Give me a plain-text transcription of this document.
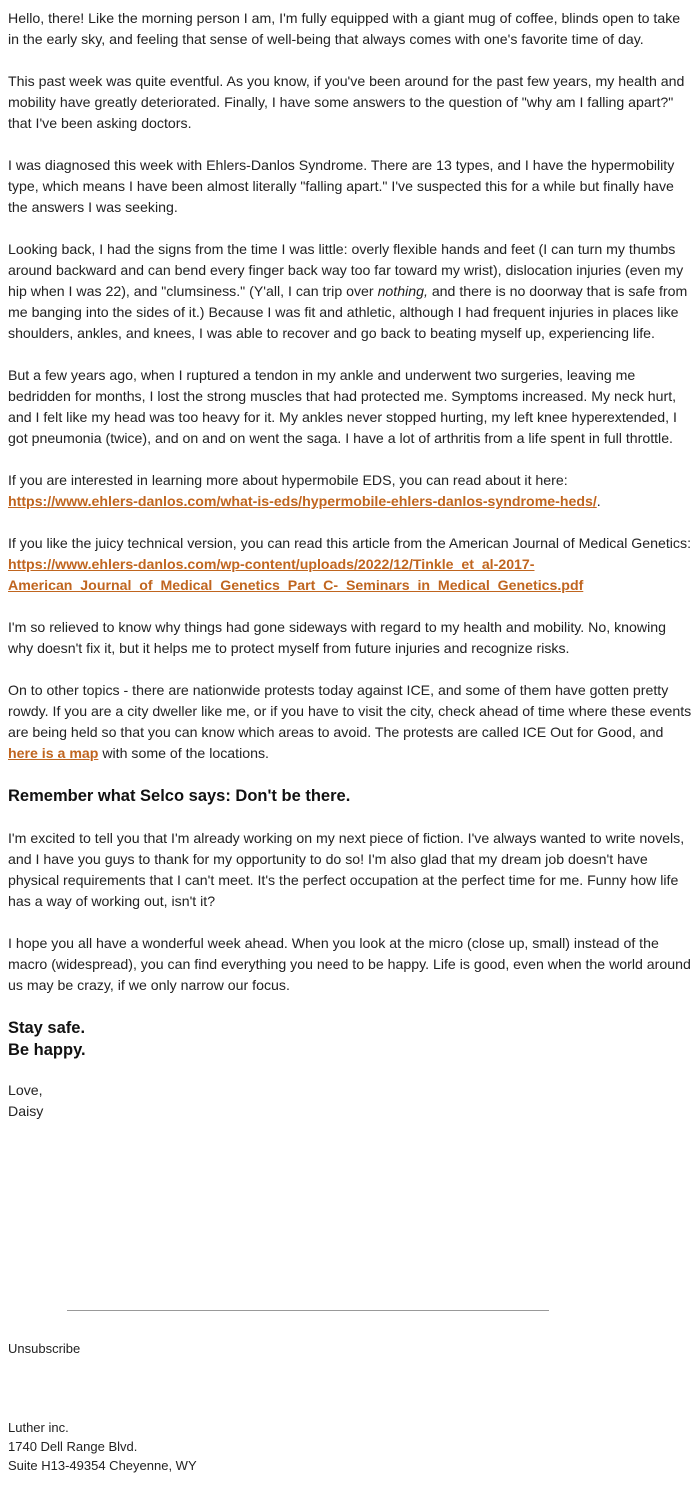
Hello, there! Like the morning person I am, I'm fully equipped with a giant mug of coffee, blinds open to take in the early sky, and feeling that sense of well-being that always comes with one's favorite time of day.

This past week was quite eventful. As you know, if you've been around for the past few years, my health and mobility have greatly deteriorated. Finally, I have some answers to the question of "why am I falling apart?" that I've been asking doctors.

I was diagnosed this week with Ehlers-Danlos Syndrome. There are 13 types, and I have the hypermobility type, which means I have been almost literally "falling apart." I've suspected this for a while but finally have the answers I was seeking.

Looking back, I had the signs from the time I was little: overly flexible hands and feet (I can turn my thumbs around backward and can bend every finger back way too far toward my wrist), dislocation injuries (even my hip when I was 22), and "clumsiness." (Y'all, I can trip over nothing, and there is no doorway that is safe from me banging into the sides of it.) Because I was fit and athletic, although I had frequent injuries in places like shoulders, ankles, and knees, I was able to recover and go back to beating myself up, experiencing life.

But a few years ago, when I ruptured a tendon in my ankle and underwent two surgeries, leaving me bedridden for months, I lost the strong muscles that had protected me. Symptoms increased. My neck hurt, and I felt like my head was too heavy for it. My ankles never stopped hurting, my left knee hyperextended, I got pneumonia (twice), and on and on went the saga. I have a lot of arthritis from a life spent in full throttle.

If you are interested in learning more about hypermobile EDS, you can read about it here: https://www.ehlers-danlos.com/what-is-eds/hypermobile-ehlers-danlos-syndrome-heds/.

If you like the juicy technical version, you can read this article from the American Journal of Medical Genetics: https://www.ehlers-danlos.com/wp-content/uploads/2022/12/Tinkle_et_al-2017-American_Journal_of_Medical_Genetics_Part_C-_Seminars_in_Medical_Genetics.pdf

I'm so relieved to know why things had gone sideways with regard to my health and mobility. No, knowing why doesn't fix it, but it helps me to protect myself from future injuries and recognize risks.

On to other topics - there are nationwide protests today against ICE, and some of them have gotten pretty rowdy. If you are a city dweller like me, or if you have to visit the city, check ahead of time where these events are being held so that you can know which areas to avoid. The protests are called ICE Out for Good, and here is a map with some of the locations.

Remember what Selco says: Don't be there.

I'm excited to tell you that I'm already working on my next piece of fiction. I've always wanted to write novels, and I have you guys to thank for my opportunity to do so! I'm also glad that my dream job doesn't have physical requirements that I can't meet. It's the perfect occupation at the perfect time for me. Funny how life has a way of working out, isn't it?

I hope you all have a wonderful week ahead. When you look at the micro (close up, small) instead of the macro (widespread), you can find everything you need to be happy. Life is good, even when the world around us may be crazy, if we only narrow our focus.

Stay safe.
Be happy.
Love,
Daisy
Unsubscribe
Luther inc.
1740 Dell Range Blvd.
Suite H13-49354 Cheyenne, WY
